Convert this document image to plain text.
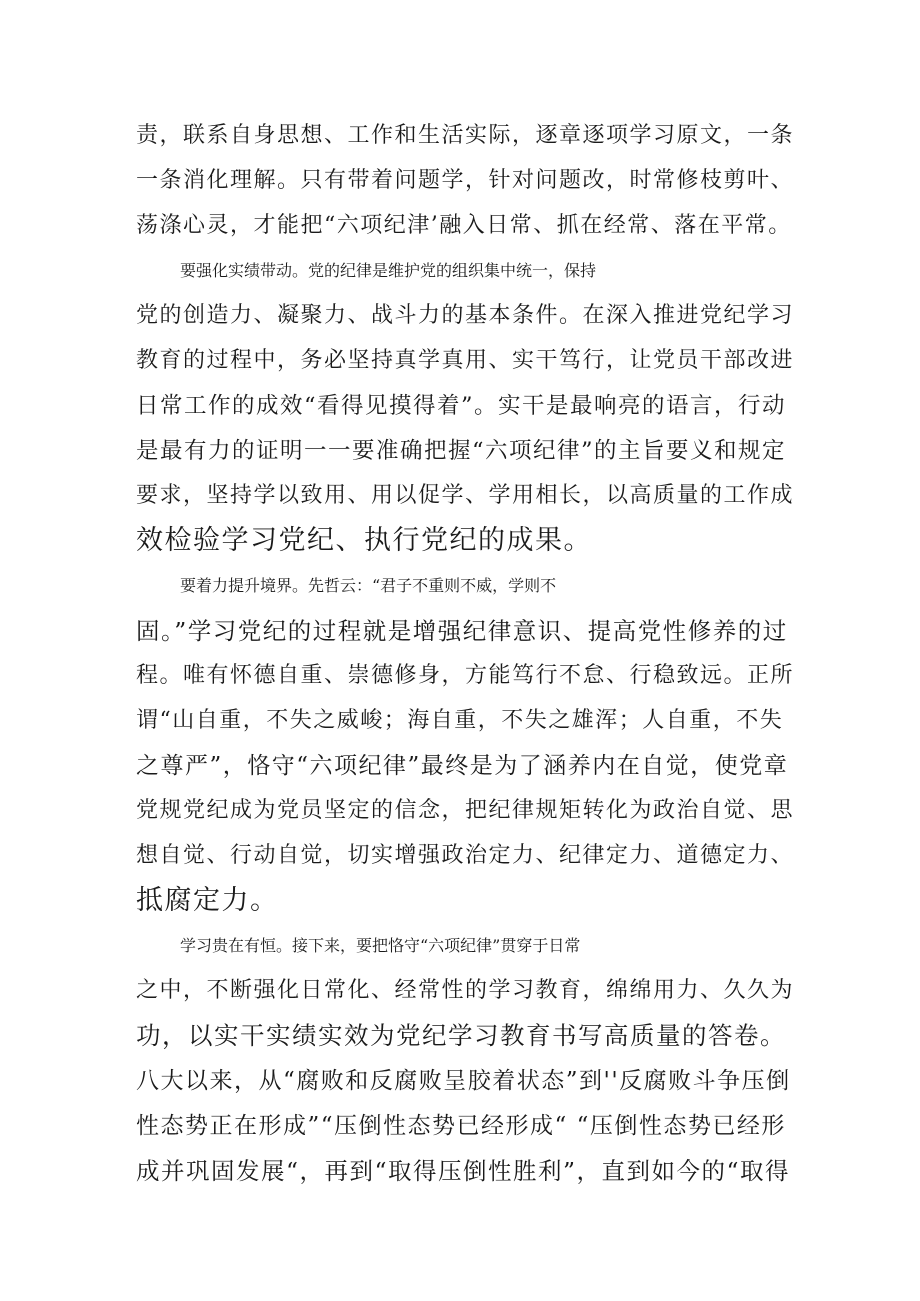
责，联系自身思想、工作和生活实际，逐章逐项学习原文，一条
一条消化理解。只有带着问题学，针对问题改，时常修枝剪叶、
荡涤心灵，才能把“六项纪津’融入日常、抓在经常、落在平常。
要强化实绩带动。党的纪律是维护党的组织集中统一，保持
党的创造力、凝聚力、战斗力的基本条件。在深入推进党纪学习
教育的过程中，务必坚持真学真用、实干笃行，让党员干部改进
日常工作的成效“看得见摸得着”。实干是最响亮的语言，行动
是最有力的证明一一要准确把握“六项纪律”的主旨要义和规定
要求，坚持学以致用、用以促学、学用相长，以高质量的工作成
效检验学习党纪、执行党纪的成果。
要着力提升境界。先哲云：“君子不重则不威，学则不
固。”学习党纪的过程就是增强纪律意识、提高党性修养的过
程。唯有怀德自重、崇德修身，方能笃行不怠、行稳致远。正所
谓“山自重，不失之威峻；海自重，不失之雄浑；人自重，不失
之尊严”，恪守“六项纪律”最终是为了涵养内在自觉，使党章
党规党纪成为党员坚定的信念，把纪律规矩转化为政治自觉、思
想自觉、行动自觉，切实增强政治定力、纪律定力、道德定力、
抵腐定力。
学习贵在有恒。接下来，要把恪守“六项纪律”贯穿于日常
之中，不断强化日常化、经常性的学习教育，绵绵用力、久久为
功，以实干实绩实效为党纪学习教育书写高质量的答卷。
八大以来，从“腐败和反腐败呈胶着状态”到''反腐败斗争压倒
性态势正在形成”“压倒性态势已经形成“ “压倒性态势已经形
成并巩固发展“，再到“取得压倒性胜利”，直到如今的“取得
